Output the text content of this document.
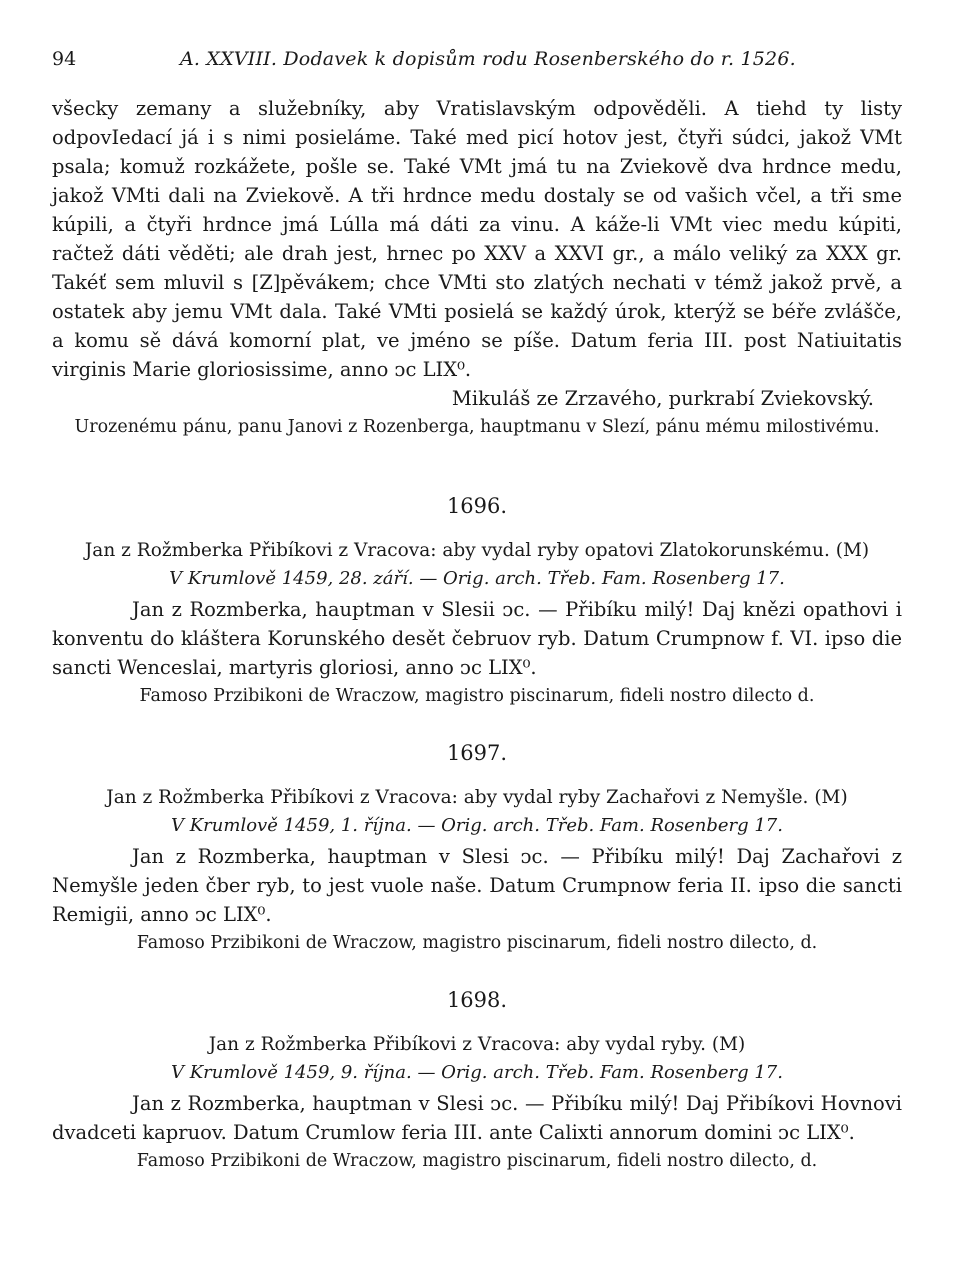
94	A. XXVIII. Dodavek k dopisům rodu Rosenberského do r. 1526.

všecky zemany a služebníky, aby Vratislavským odpověděli. A tiehd ty listy odpovIedací já i s nimi posieláme. Také med picí hotov jest, čtyři súdci, jakož VMt psala; komuž rozkážete, pošle se. Také VMt jmá tu na Zviekově dva hrdnce medu, jakož VMti dali na Zviekově. A tři hrdnce medu dostaly se od vašich včel, a tři sme kúpili, a čtyři hrdnce jmá Lúlla má dáti za vinu. A káže-li VMt viec medu kúpiti, račtež dáti věděti; ale drah jest, hrnec po XXV a XXVI gr., a málo veliký za XXX gr. Takéť sem mluvil s [Z]pěvákem; chce VMti sto zlatých nechati v témž jakož prvě, a ostatek aby jemu VMt dala. Také VMti posielá se každý úrok, kterýž se béře zvláščе, a komu sě dává komorní plat, ve jméno se píše. Datum feria III. post Natiuitatis virginis Marie gloriosissime, anno ᴐc LIX⁰.

Mikuláš ze Zrzavého, purkrabí Zviekovský.

Urozenému pánu, panu Janovi z Rozenberga, hauptmanu v Slezí, pánu mému milostivému.

1696.

Jan z Rožmberka Přibíkovi z Vracova: aby vydal ryby opatovi Zlatokorunskému. (M)

V Krumlově 1459, 28. září. — Orig. arch. Třeb. Fam. Rosenberg 17.

Jan z Rozmberka, hauptman v Slesii ᴐc. — Přibíku milý! Daj knězi opathovi i konventu do kláštera Korunského desět čebruov ryb. Datum Crumpnow f. VI. ipso die sancti Wenceslai, martyris gloriosi, anno ᴐc LIX⁰.

Famoso Przibikoni de Wraczow, magistro piscinarum, fideli nostro dilecto d.

1697.

Jan z Rožmberka Přibíkovi z Vracova: aby vydal ryby Zachařovi z Nemyšle. (M)

V Krumlově 1459, 1. října. — Orig. arch. Třeb. Fam. Rosenberg 17.

Jan z Rozmberka, hauptman v Slesi ᴐc. — Přibíku milý! Daj Zachařovi z Nemyšle jeden čber ryb, to jest vuole naše. Datum Crumpnow feria II. ipso die sancti Remigii, anno ᴐc LIX⁰.

Famoso Przibikoni de Wraczow, magistro piscinarum, fideli nostro dilecto, d.

1698.

Jan z Rožmberka Přibíkovi z Vracova: aby vydal ryby. (M)

V Krumlově 1459, 9. října. — Orig. arch. Třeb. Fam. Rosenberg 17.

Jan z Rozmberka, hauptman v Slesi ᴐc. — Přibíku milý! Daj Přibíkovi Hovnovi dvadceti kapruov. Datum Crumlow feria III. ante Calixti annorum domini ᴐc LIX⁰.

Famoso Przibikoni de Wraczow, magistro piscinarum, fideli nostro dilecto, d.
